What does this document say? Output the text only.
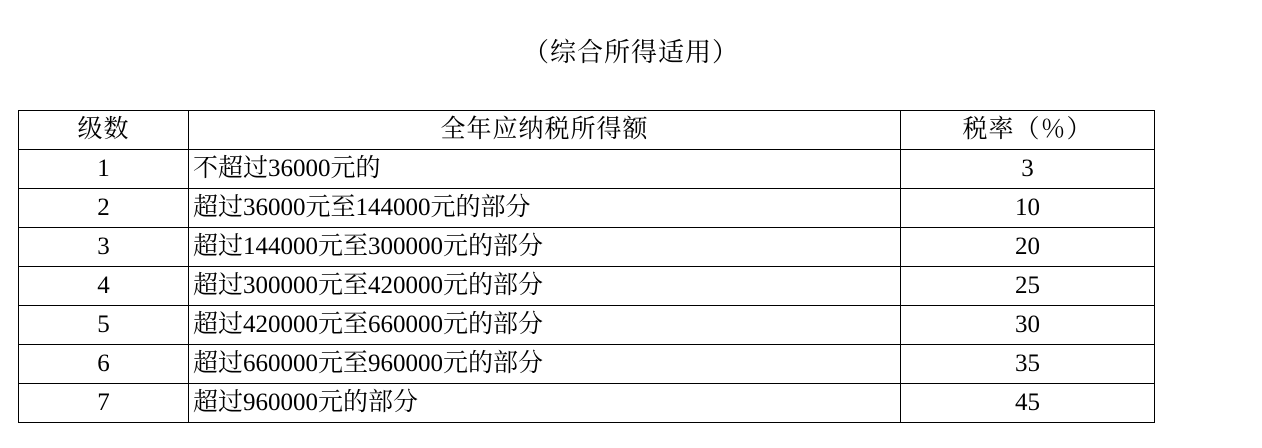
（综合所得适用）
级数	全年应纳税所得额	税率（％）
1	不超过36000元的	3
2	超过36000元至144000元的部分	10
3	超过144000元至300000元的部分	20
4	超过300000元至420000元的部分	25
5	超过420000元至660000元的部分	30
6	超过660000元至960000元的部分	35
7	超过960000元的部分	45
